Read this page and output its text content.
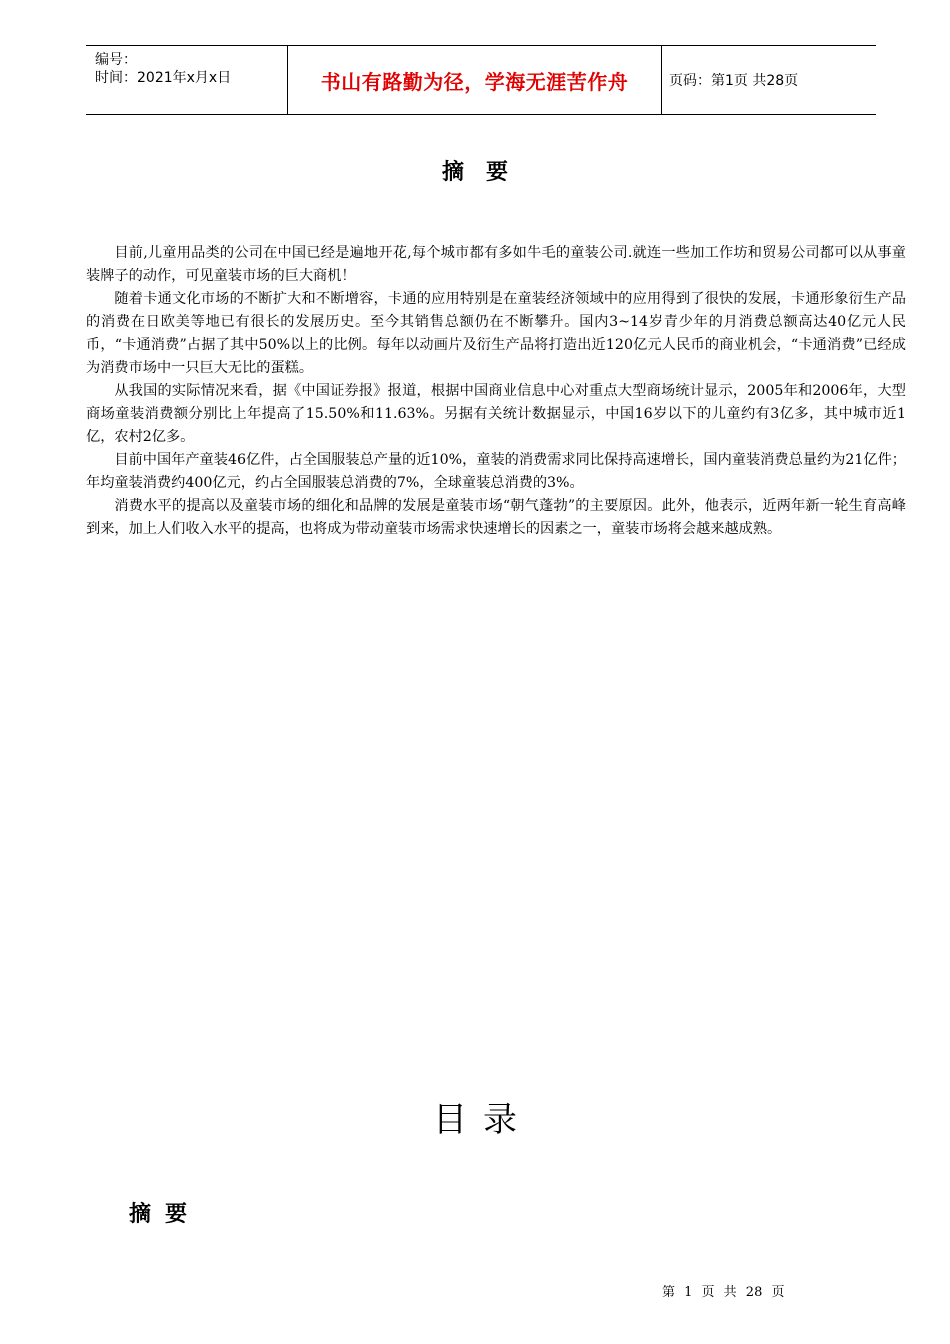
编号：
时间：2021年x月x日	书山有路勤为径，学海无涯苦作舟	页码：第1页 共28页
摘要

目前,儿童用品类的公司在中国已经是遍地开花,每个城市都有多如牛毛的童装公司.就连一些加工作坊和贸易公司都可以从事童装牌子的动作，可见童装市场的巨大商机！

随着卡通文化市场的不断扩大和不断增容，卡通的应用特别是在童装经济领域中的应用得到了很快的发展，卡通形象衍生产品的消费在日欧美等地已有很长的发展历史。至今其销售总额仍在不断攀升。国内3~14岁青少年的月消费总额高达40亿元人民币，“卡通消费”占据了其中50%以上的比例。每年以动画片及衍生产品将打造出近120亿元人民币的商业机会，“卡通消费”已经成为消费市场中一只巨大无比的蛋糕。

从我国的实际情况来看，据《中国证券报》报道，根据中国商业信息中心对重点大型商场统计显示，2005年和2006年，大型商场童装消费额分别比上年提高了15.50%和11.63%。另据有关统计数据显示，中国16岁以下的儿童约有3亿多，其中城市近1亿，农村2亿多。

目前中国年产童装46亿件，占全国服装总产量的近10%，童装的消费需求同比保持高速增长，国内童装消费总量约为21亿件；年均童装消费约400亿元，约占全国服装总消费的7%，全球童装总消费的3%。

消费水平的提高以及童装市场的细化和品牌的发展是童装市场“朝气蓬勃”的主要原因。此外，他表示，近两年新一轮生育高峰到来，加上人们收入水平的提高，也将成为带动童装市场需求快速增长的因素之一，童装市场将会越来越成熟。

目录
摘要
第 1 页 共 28 页
